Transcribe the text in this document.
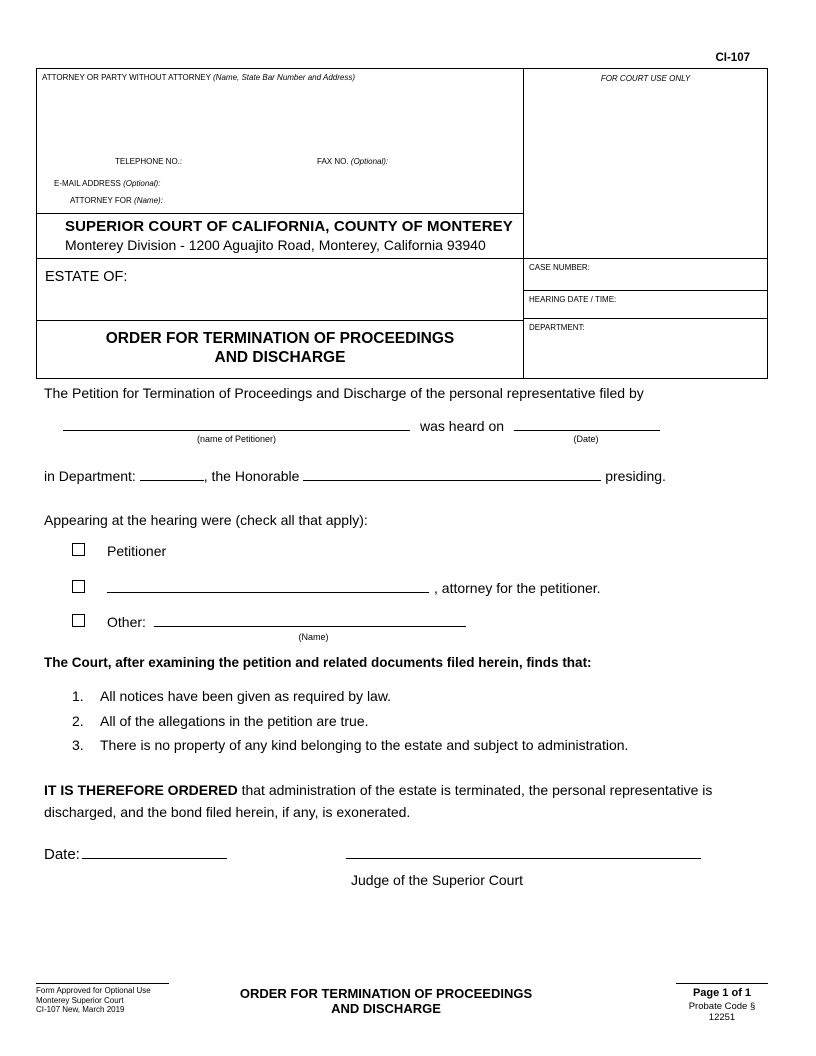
CI-107
ATTORNEY OR PARTY WITHOUT ATTORNEY (Name, State Bar Number and Address)
TELEPHONE NO.:	FAX NO. (Optional):
E-MAIL ADDRESS (Optional):
ATTORNEY FOR (Name):
SUPERIOR COURT OF CALIFORNIA, COUNTY OF MONTEREY
Monterey Division - 1200 Aguajito Road, Monterey, California 93940
ESTATE OF:
ORDER FOR TERMINATION OF PROCEEDINGS
AND DISCHARGE
FOR COURT USE ONLY
CASE NUMBER:
HEARING DATE / TIME:
DEPARTMENT:

The Petition for Termination of Proceedings and Discharge of the personal representative filed by

was heard on
(name of Petitioner)	(Date)

in Department:	, the Honorable	presiding.

Appearing at the hearing were (check all that apply):

Petitioner
, attorney for the petitioner.
Other:
(Name)

The Court, after examining the petition and related documents filed herein, finds that:

1. All notices have been given as required by law.
2. All of the allegations in the petition are true.
3. There is no property of any kind belonging to the estate and subject to administration.

IT IS THEREFORE ORDERED that administration of the estate is terminated, the personal representative is discharged, and the bond filed herein, if any, is exonerated.

Date:
Judge of the Superior Court
Form Approved for Optional Use
Monterey Superior Court
CI-107 New, March 2019
ORDER FOR TERMINATION OF PROCEEDINGS
AND DISCHARGE
Page 1 of 1
Probate Code § 12251
